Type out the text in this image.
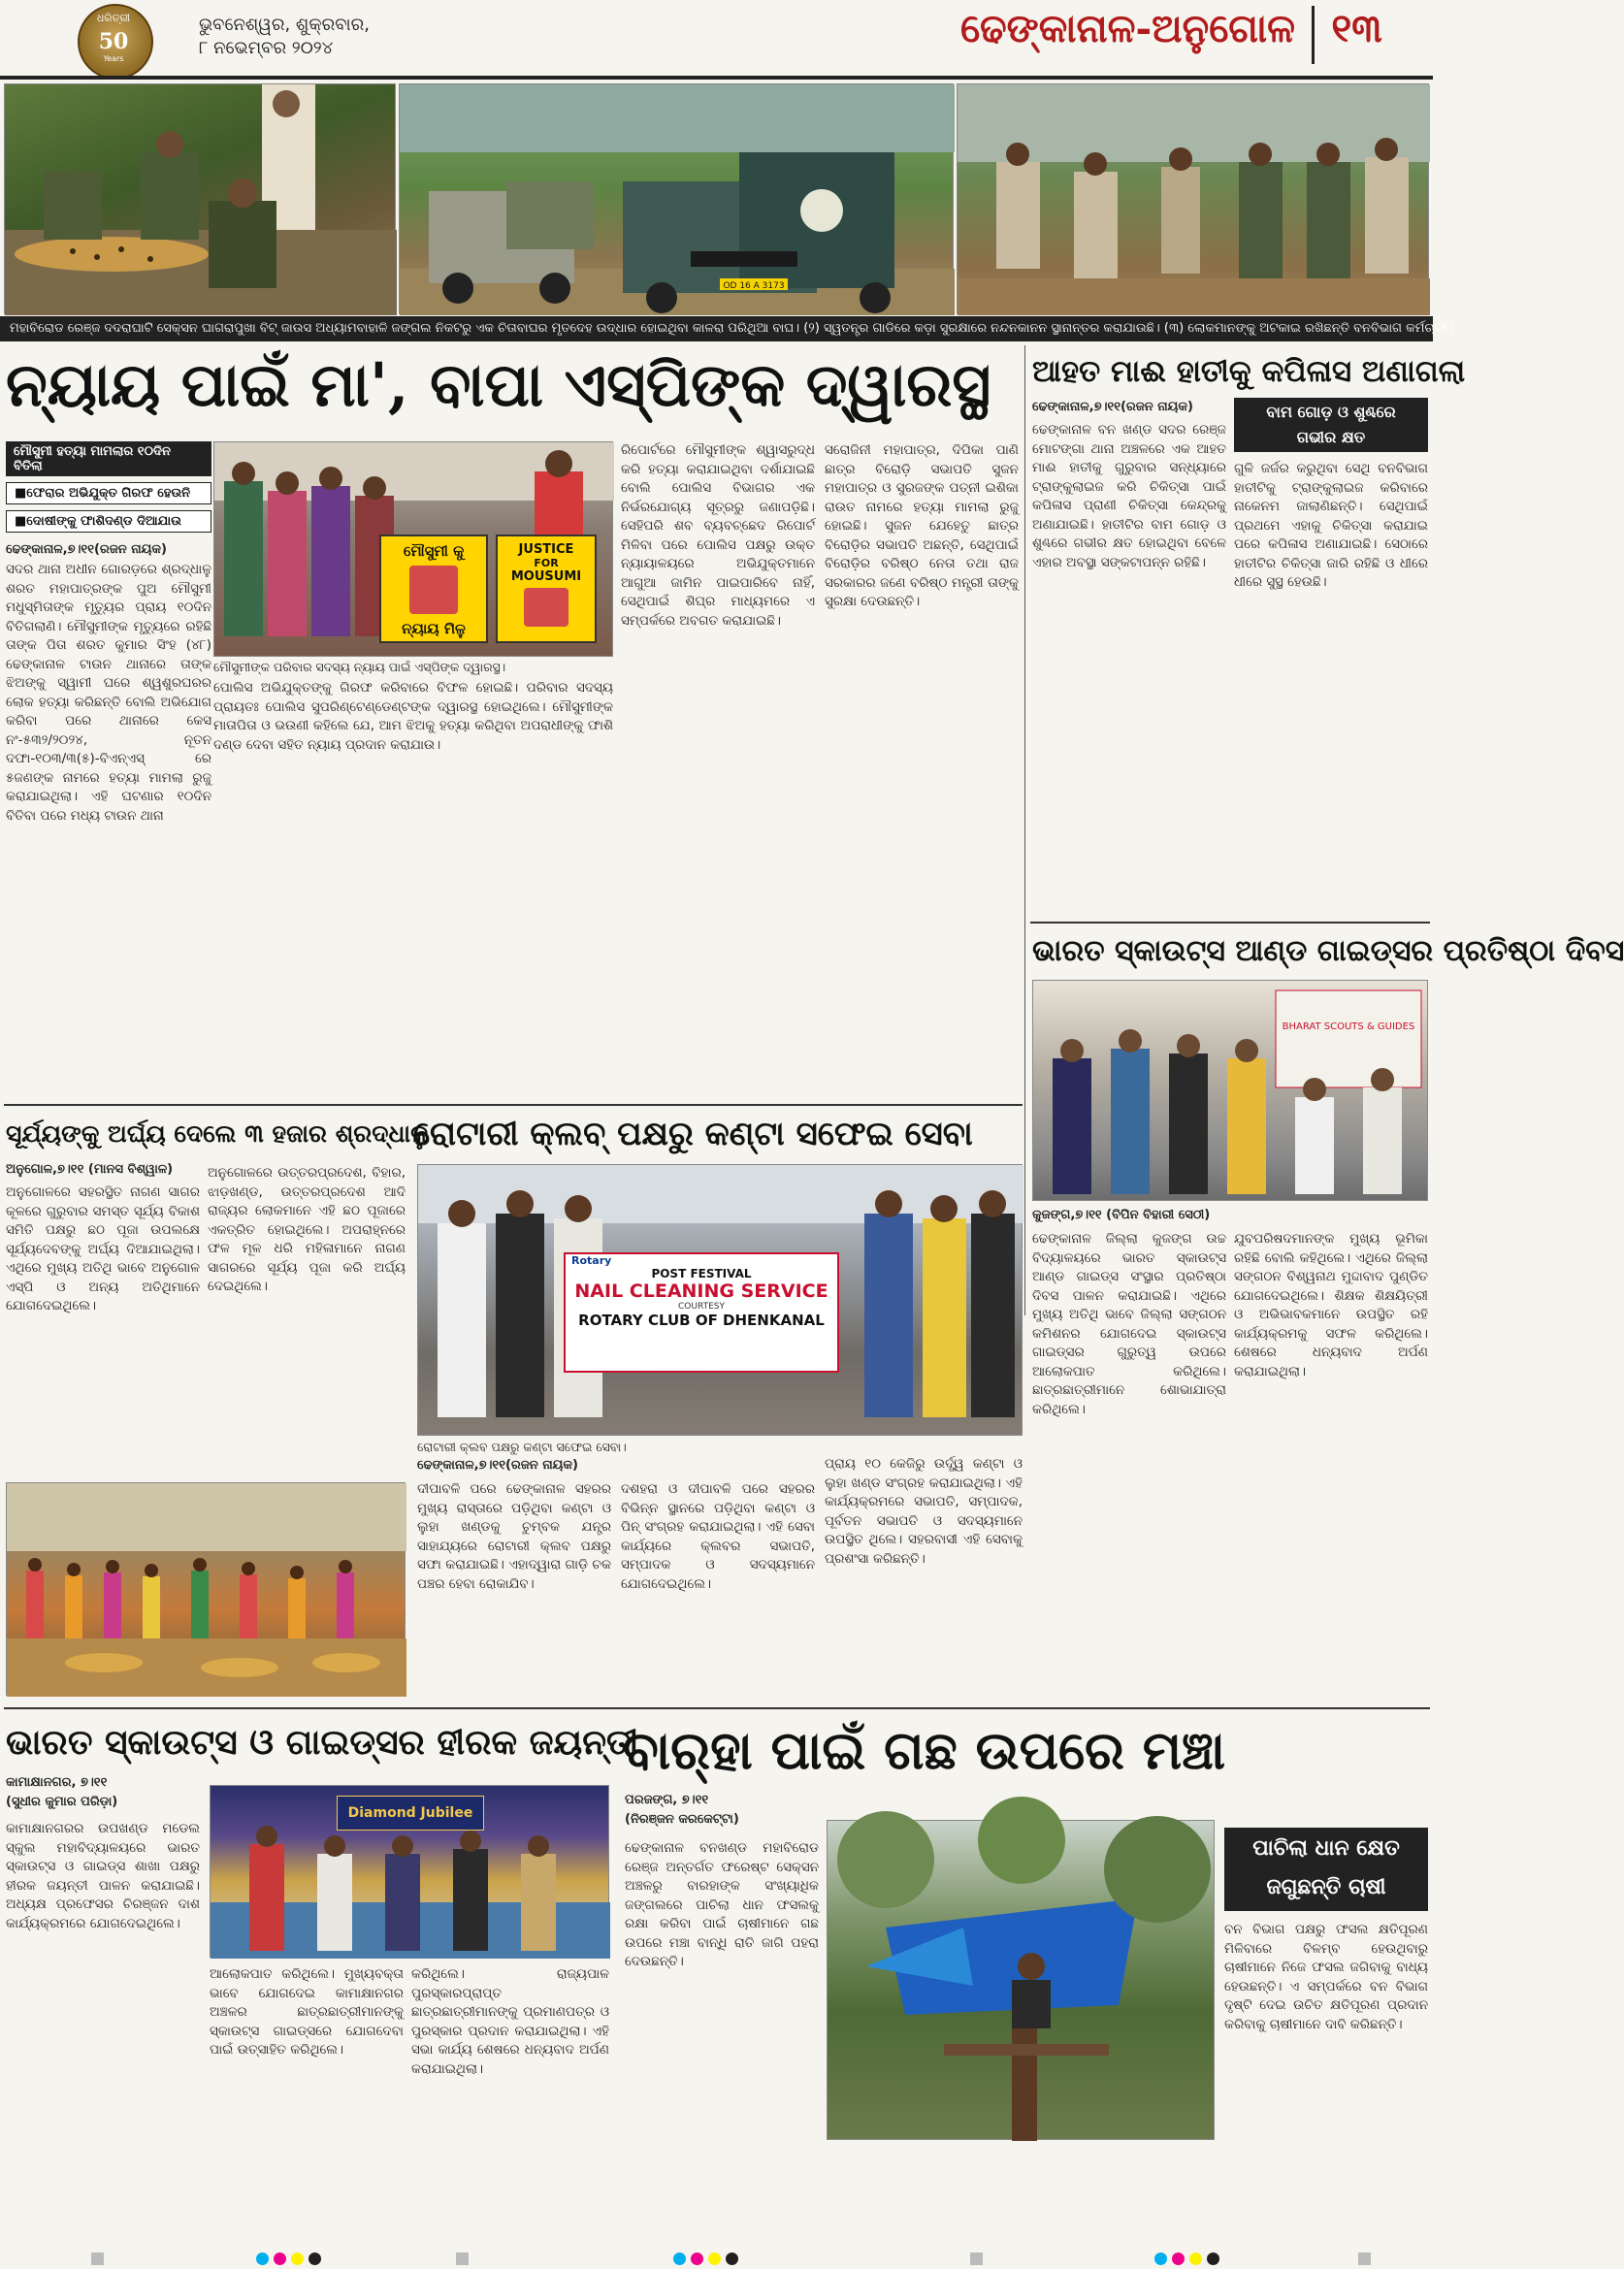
ଧରିତ୍ରୀ
50
Years
ଭୁବନେଶ୍ୱର, ଶୁକ୍ରବାର,
୮ ନଭେମ୍ବର ୨୦୨୪	ଢେଙ୍କାନାଳ-ଅନୁଗୋଳ ୧୩
OD 16 A 3173
ମହାବିରୋଡ ରେଞ୍ଜ ଦଦରାଘାଟି ସେକ୍ସନ ଘାଗରାପୁଖା ବିଟ୍ ଜାଉସ ଅଧ୍ୟାମବାହାଳି ଜଙ୍ଗଲ ନିକଟରୁ ଏକ ଚିତାବାଘର ମୃତଦେହ ଉଦ୍ଧାର ହୋଇଥିବା କାଳରା ପରିଥିଆ ବାଘ। (୨) ସ୍ୱତନ୍ତ୍ର ଗାଡିରେ କଡ଼ା ସୁରକ୍ଷାରେ ନନ୍ଦନକାନନ ସ୍ଥାନାନ୍ତର କରାଯାଉଛି। (୩) ଲୋକମାନଙ୍କୁ ଅଟକାଇ ରଖିଛନ୍ତି ବନବିଭାଗ କର୍ମଚାରୀ।
ନ୍ୟାୟ ପାଇଁ ମା', ବାପା ଏସ୍‌ପିଙ୍କ ଦ୍ୱାରସ୍ଥ
ମୌସୁମୀ ହତ୍ୟା ମାମଲାର ୧୦ଦିନ ବିତିଲା
■ଫେରାର ଅଭିଯୁକ୍ତ ଗିରଫ ହେଉନି
■ଦୋଷୀଙ୍କୁ ଫାଶିଦଣ୍ଡ ଦିଆଯାଉ
ଢେଙ୍କାନାଳ,୭।୧୧(ରଜନ ନାୟକ)
ସଦର ଥାନା ଅଧୀନ ଗୋରଡ଼ରେ ଶ୍ରଦ୍ଧାଳୁ ଶରତ ମହାପାତ୍ରଙ୍କ ପୁଅ ମୌସୁମୀ ମଧୁସ୍ମିତାଙ୍କ ମୃତ୍ୟୁର ପ୍ରାୟ ୧୦ଦିନ ବିତିଗଲାଣି। ମୌସୁମୀଙ୍କ ମୃତ୍ୟୁରେ ରହିଛି ତାଙ୍କ ପିତା ଶରତ କୁମାର ସିଂହ (୪୮) ଢେଙ୍କାନାଳ ଟାଉନ ଥାନାରେ ତାଙ୍କ ଝିଅଙ୍କୁ ସ୍ୱାମୀ ଘରେ ଶ୍ୱଶୁରଘରର ଲୋକ ହତ୍ୟା କରିଛନ୍ତି ବୋଲି ଅଭିଯୋଗ କରିବା ପରେ ଥାନାରେ କେସ ନଂ-୫୩୨/୨୦୨୪, ନୂତନ ଦଫା-୧୦୩/୩(୫)-ବିଏନ୍‌ଏସ୍ ରେ ୫ଜଣଙ୍କ ନାମରେ ହତ୍ୟା ମାମଲା ରୁଜୁ କରାଯାଇଥିଲା। ଏହି ଘଟଣାର ୧୦ଦିନ ବିତିବା ପରେ ମଧ୍ୟ ଟାଉନ ଥାନା
ମୌସୁମୀ କୁ
ନ୍ୟାୟ ମିଳୁ
JUSTICE
FOR
MOUSUMI
ମୌସୁମୀଙ୍କ ପରିବାର ସଦସ୍ୟ ନ୍ୟାୟ ପାଇଁ ଏସ୍‌ପିଙ୍କ ଦ୍ୱାରସ୍ଥ।
ପୋଲିସ ଅଭିଯୁକ୍ତଙ୍କୁ ଗିରଫ କରିବାରେ ବିଫଳ ହୋଇଛି। ପରିବାର ସଦସ୍ୟ ପ୍ରାୟତଃ ପୋଲିସ ସୁପରିଣ୍ଟେଣ୍ଡେଣ୍ଟଙ୍କ ଦ୍ୱାରସ୍ଥ ହୋଇଥିଲେ। ମୌସୁମୀଙ୍କ ମାତାପିତା ଓ ଭଉଣୀ କହିଲେ ଯେ, ଆମ ଝିଅକୁ ହତ୍ୟା କରିଥିବା ଅପରାଧୀଙ୍କୁ ଫାଶି ଦଣ୍ଡ ଦେବା ସହିତ ନ୍ୟାୟ ପ୍ରଦାନ କରାଯାଉ।
ରିପୋର୍ଟରେ ମୌସୁମୀଙ୍କ ଶ୍ୱାସରୁଦ୍ଧ କରି ହତ୍ୟା କରାଯାଇଥିବା ଦର୍ଶାଯାଇଛି ବୋଲି ପୋଲିସ ବିଭାଗର ଏକ ନିର୍ଭରଯୋଗ୍ୟ ସୂତ୍ରରୁ ଜଣାପଡ଼ିଛି। ସେହିପରି ଶବ ବ୍ୟବଚ୍ଛେଦ ରିପୋର୍ଟ ମିଳିବା ପରେ ପୋଲିସ ପକ୍ଷରୁ ଉକ୍ତ ନ୍ୟାୟାଳୟରେ ଅଭିଯୁକ୍ତମାନେ ଆଗୁଆ ଜାମିନ ପାଇପାରିବେ ନାହିଁ, ସେଥିପାଇଁ ଶିଘ୍ର ମାଧ୍ୟମରେ ଏ ସମ୍ପର୍କରେ ଅବଗତ କରାଯାଇଛି।
ସରୋଜିନୀ ମହାପାତ୍ର, ଦିପିକା ପାଣି ଛାତ୍ର ବିରୋଡ଼ି ସଭାପତି ସୁଜନ ମହାପାତ୍ର ଓ ସୁରଜଙ୍କ ପତ୍ନୀ ଇଶିକା ରାଉତ ନାମରେ ହତ୍ୟା ମାମଲା ରୁଜୁ ହୋଇଛି। ସୁଜନ ଯେହେତୁ ଛାତ୍ର ବିରୋଡ଼ିର ସଭାପତି ଅଛନ୍ତି, ସେଥିପାଇଁ ବିରୋଡ଼ିର ବରିଷ୍ଠ ନେତା ତଥା ରାଜ ସରକାରର ଜଣେ ବରିଷ୍ଠ ମନ୍ତ୍ରୀ ତାଙ୍କୁ ସୁରକ୍ଷା ଦେଉଛନ୍ତି।
ଆହତ ମାଈ ହାତୀକୁ କପିଳାସ ଅଣାଗଲା
ଢେଙ୍କାନାଳ,୭।୧୧(ରଜନ ନାୟକ)	ବାମ ଗୋଡ଼ ଓ ଶୁଣ୍ଢରେ
ଗଭୀର କ୍ଷତ
ଢେଙ୍କାନାଳ ବନ ଖଣ୍ଡ ସଦର ରେଞ୍ଜ ମୋଟଙ୍ଗା ଥାନା ଅଞ୍ଚଳରେ ଏକ ଆହତ ମାଈ ହାତୀକୁ ଗୁରୁବାର ସନ୍ଧ୍ୟାରେ ଟ୍ରାଙ୍କୁଲାଇଜ କରି ଚିକିତ୍ସା ପାଇଁ କପିଳାସ ପ୍ରାଣୀ ଚିକିତ୍ସା କେନ୍ଦ୍ରକୁ ଅଣାଯାଇଛି। ହାତୀଟିର ବାମ ଗୋଡ଼ ଓ ଶୁଣ୍ଢରେ ଗଭୀର କ୍ଷତ ହୋଇଥିବା ବେଳେ ଏହାର ଅବସ୍ଥା ସଙ୍କଟାପନ୍ନ ରହିଛି।
ଗୁଳି ଜର୍ଜର କରୁଥିବା ସେଥି ବନବିଭାଗ ହାତୀଟିକୁ ଟ୍ରାଙ୍କୁଲାଇଜ କରିବାରେ ନାକେନମ ଜାଲାଣିଛନ୍ତି। ସେଥିପାଇଁ ପ୍ରଥମେ ଏହାକୁ ଚିକିତ୍ସା କରାଯାଇ ପରେ କପିଳାସ ଅଣାଯାଇଛି। ସେଠାରେ ହାତୀଟିର ଚିକିତ୍ସା ଜାରି ରହିଛି ଓ ଧୀରେ ଧୀରେ ସୁସ୍ଥ ହେଉଛି।
ଭାରତ ସ୍କାଉଟ୍ସ ଆଣ୍ଡ ଗାଇଡ୍ସର ପ୍ରତିଷ୍ଠା ଦିବସ
BHARAT SCOUTS & GUIDES
କୁଜଙ୍ଗ,୭।୧୧ (ବିପିନ ବିହାରୀ ସେଠୀ)
ଢେଙ୍କାନାଳ ଜିଲ୍ଲା କୁଜଙ୍ଗ ଉଚ୍ଚ ବିଦ୍ୟାଳୟରେ ଭାରତ ସ୍କାଉଟ୍ସ ଆଣ୍ଡ ଗାଇଡ୍ସ ସଂସ୍ଥାର ପ୍ରତିଷ୍ଠା ଦିବସ ପାଳନ କରାଯାଇଛି। ଏଥିରେ ମୁଖ୍ୟ ଅତିଥି ଭାବେ ଜିଲ୍ଲା ସଙ୍ଗଠନ କମିଶନର ଯୋଗଦେଇ ସ୍କାଉଟ୍ସ ଗାଇଡ୍ସର ଗୁରୁତ୍ୱ ଉପରେ ଆଲୋକପାତ କରିଥିଲେ। ଛାତ୍ରଛାତ୍ରୀମାନେ ଶୋଭାଯାତ୍ରା କରିଥିଲେ।
ଯୁବପରିଷଦମାନଙ୍କ ମୁଖ୍ୟ ଭୂମିକା ରହିଛି ବୋଲି କହିଥିଲେ। ଏଥିରେ ଜିଲ୍ଲା ସଙ୍ଗଠନ ବିଶ୍ୱନାଥ ମୁଦ୍ଦାବାଦ ପୁଣ୍ଡିତ ଯୋଗଦେଇଥିଲେ। ଶିକ୍ଷକ ଶିକ୍ଷୟିତ୍ରୀ ଓ ଅଭିଭାବକମାନେ ଉପସ୍ଥିତ ରହି କାର୍ଯ୍ୟକ୍ରମକୁ ସଫଳ କରିଥିଲେ। ଶେଷରେ ଧନ୍ୟବାଦ ଅର୍ପଣ କରାଯାଇଥିଲା।
ସୂର୍ଯ୍ୟଙ୍କୁ ଅର୍ଘ୍ୟ ଦେଲେ ୩ ହଜାର ଶ୍ରଦ୍ଧାଳୁ
ଅନୁଗୋଳ,୭।୧୧ (ମାନସ ବିଶ୍ୱାଳ)
ଅନୁଗୋଳରେ ସହରସ୍ଥିତ ନାଗଣ ସାଗର କୂଳରେ ଗୁରୁବାର ସମସ୍ତ ସୂର୍ଯ୍ୟ ବିକାଶ ସମିତି ପକ୍ଷରୁ ଛଠ ପୂଜା ଉପଲକ୍ଷେ ସୂର୍ଯ୍ୟଦେବଙ୍କୁ ଅର୍ଘ୍ୟ ଦିଆଯାଇଥିଲା। ଏଥିରେ ମୁଖ୍ୟ ଅତିଥି ଭାବେ ଅନୁଗୋଳ ଏସ୍‌ପି ଓ ଅନ୍ୟ ଅତିଥିମାନେ ଯୋଗଦେଇଥିଲେ।
ଅନୁଗୋଳରେ ଉତ୍ତରପ୍ରଦେଶ, ବିହାର, ଝାଡ଼ଖଣ୍ଡ, ଉତ୍ତରପ୍ରଦେଶ ଆଦି ରାଜ୍ୟର ଲୋକମାନେ ଏହି ଛଠ ପୂଜାରେ ଏକତ୍ରିତ ହୋଇଥିଲେ। ଅପରାହ୍ନରେ ଫଳ ମୂଳ ଧରି ମହିଳାମାନେ ନାଗଣ ସାଗରରେ ସୂର୍ଯ୍ୟ ପୂଜା କରି ଅର୍ଘ୍ୟ ଦେଇଥିଲେ।
ରୋଟାରୀ କ୍ଲବ୍ ପକ୍ଷରୁ କଣ୍ଟା ସଫେଇ ସେବା
Rotary
POST FESTIVAL
NAIL CLEANING SERVICE
COURTESY
ROTARY CLUB OF DHENKANAL
ରୋଟାରୀ କ୍ଲବ ପକ୍ଷରୁ କଣ୍ଟା ସଫେଇ ସେବା।
ଢେଙ୍କାନାଳ,୭।୧୧(ରଜନ ନାୟକ)
ଦୀପାବଳି ପରେ ଢେଙ୍କାନାଳ ସହରର ମୁଖ୍ୟ ରାସ୍ତାରେ ପଡ଼ିଥିବା କଣ୍ଟା ଓ ଲୁହା ଖଣ୍ଡକୁ ଚୁମ୍ବକ ଯନ୍ତ୍ର ସାହାଯ୍ୟରେ ରୋଟାରୀ କ୍ଲବ ପକ୍ଷରୁ ସଫା କରାଯାଇଛି। ଏହାଦ୍ୱାରା ଗାଡ଼ି ଚକ ପଞ୍ଚର ହେବା ରୋକାଯିବ।
ଦଶହରା ଓ ଦୀପାବଳି ପରେ ସହରର ବିଭିନ୍ନ ସ୍ଥାନରେ ପଡ଼ିଥିବା କଣ୍ଟା ଓ ପିନ୍ ସଂଗ୍ରହ କରାଯାଇଥିଲା। ଏହି ସେବା କାର୍ଯ୍ୟରେ କ୍ଲବର ସଭାପତି, ସମ୍ପାଦକ ଓ ସଦସ୍ୟମାନେ ଯୋଗଦେଇଥିଲେ।
ପ୍ରାୟ ୧୦ କେଜିରୁ ଉର୍ଦ୍ଧ୍ୱ କଣ୍ଟା ଓ ଲୁହା ଖଣ୍ଡ ସଂଗ୍ରହ କରାଯାଇଥିଲା। ଏହି କାର୍ଯ୍ୟକ୍ରମରେ ସଭାପତି, ସମ୍ପାଦକ, ପୂର୍ବତନ ସଭାପତି ଓ ସଦସ୍ୟମାନେ ଉପସ୍ଥିତ ଥିଲେ। ସହରବାସୀ ଏହି ସେବାକୁ ପ୍ରଶଂସା କରିଛନ୍ତି।
ଭାରତ ସ୍କାଉଟ୍ସ ଓ ଗାଇଡ୍ସର ହୀରକ ଜୟନ୍ତୀ
କାମାକ୍ଷାନଗର, ୭।୧୧
(ସୁଧୀର କୁମାର ପରିଡ଼ା)
କାମାକ୍ଷାନଗରର ଉପଖଣ୍ଡ ମଡେଲ ସ୍କୁଲ ମହାବିଦ୍ୟାଳୟରେ ଭାରତ ସ୍କାଉଟ୍ସ ଓ ଗାଇଡ୍ସ ଶାଖା ପକ୍ଷରୁ ହୀରକ ଜୟନ୍ତୀ ପାଳନ କରାଯାଇଛି। ଅଧ୍ୟକ୍ଷ ପ୍ରଫେସର ଚିରଞ୍ଜନ ଦାଶ କାର୍ଯ୍ୟକ୍ରମରେ ଯୋଗଦେଇଥିଲେ।
Diamond Jubilee
ଆଲୋକପାତ କରିଥିଲେ। ମୁଖ୍ୟବକ୍ତା ଭାବେ ଯୋଗଦେଇ କାମାକ୍ଷାନଗର ଅଞ୍ଚଳର ଛାତ୍ରଛାତ୍ରୀମାନଙ୍କୁ ସ୍କାଉଟ୍ସ ଗାଇଡ୍ସରେ ଯୋଗଦେବା ପାଇଁ ଉତ୍ସାହିତ କରିଥିଲେ।
କରିଥିଲେ। ରାଜ୍ୟପାଳ ପୁରସ୍କାରପ୍ରାପ୍ତ ଛାତ୍ରଛାତ୍ରୀମାନଙ୍କୁ ପ୍ରମାଣପତ୍ର ଓ ପୁରସ୍କାର ପ୍ରଦାନ କରାଯାଇଥିଲା। ଏହି ସଭା କାର୍ଯ୍ୟ ଶେଷରେ ଧନ୍ୟବାଦ ଅର୍ପଣ କରାଯାଇଥିଲା।
ବାର୍‌ହା ପାଇଁ ଗଛ ଉପରେ ମଞ୍ଚା
ପରଜଙ୍ଗ, ୭।୧୧
(ନିରଞ୍ଜନ କରକେଟ୍‌ଟା)
ଢେଙ୍କାନାଳ ବନଖଣ୍ଡ ମହାବିରୋଡ ରେଞ୍ଜ ଅନ୍ତର୍ଗତ ଫରେଷ୍ଟ ସେକ୍ସନ ଅଞ୍ଚଳରୁ ବାରହାଙ୍କ ସଂଖ୍ୟାଧିକ ଜଙ୍ଗଲରେ ପାଚିଲା ଧାନ ଫସଲକୁ ରକ୍ଷା କରିବା ପାଇଁ ଚାଷୀମାନେ ଗଛ ଉପରେ ମଞ୍ଚା ବାନ୍ଧି ରାତି ଜାଗି ପହରା ଦେଉଛନ୍ତି।
ପାଚିଲା ଧାନ କ୍ଷେତ
ଜଗୁଛନ୍ତି ଚାଷୀ
ବନ ବିଭାଗ ପକ୍ଷରୁ ଫସଲ କ୍ଷତିପୂରଣ ମିଳିବାରେ ବିଳମ୍ବ ହେଉଥିବାରୁ ଚାଷୀମାନେ ନିଜେ ଫସଲ ଜଗିବାକୁ ବାଧ୍ୟ ହେଉଛନ୍ତି। ଏ ସମ୍ପର୍କରେ ବନ ବିଭାଗ ଦୃଷ୍ଟି ଦେଇ ଉଚିତ କ୍ଷତିପୂରଣ ପ୍ରଦାନ କରିବାକୁ ଚାଷୀମାନେ ଦାବି କରିଛନ୍ତି।
